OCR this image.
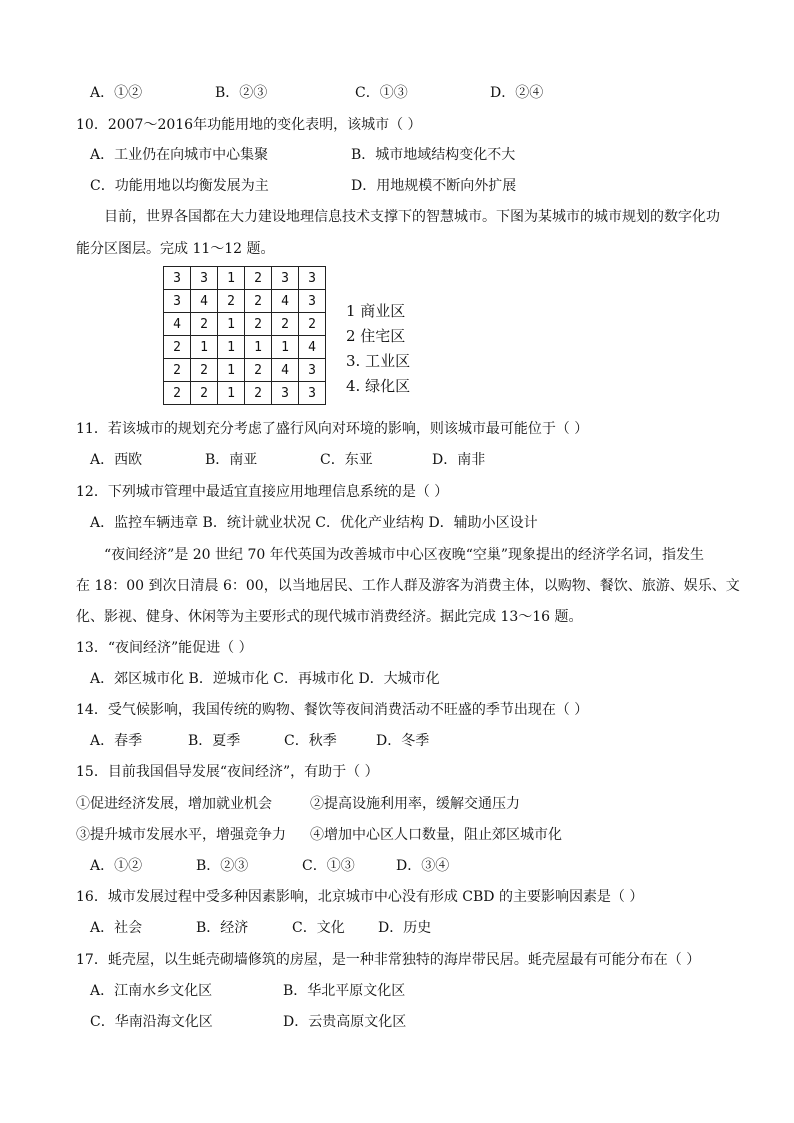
A．①②	B．②③	C．①③	D．②④
10．2007～2016年功能用地的变化表明，该城市（ ）
A．工业仍在向城市中心集聚	B．城市地域结构变化不大
C．功能用地以均衡发展为主	D．用地规模不断向外扩展
目前，世界各国都在大力建设地理信息技术支撑下的智慧城市。下图为某城市的城市规划的数字化功
能分区图层。完成 11～12 题。
3	3	1	2	3	3
3	4	2	2	4	3
4	2	1	2	2	2
2	1	1	1	1	4
2	2	1	2	4	3
2	2	1	2	3	3
1 商业区
2 住宅区
3. 工业区
4. 绿化区
11．若该城市的规划充分考虑了盛行风向对环境的影响，则该城市最可能位于（ ）
A．西欧	B．南亚	C．东亚	D．南非
12．下列城市管理中最适宜直接应用地理信息系统的是（ ）
A．监控车辆违章 B．统计就业状况 C．优化产业结构 D．辅助小区设计
“夜间经济”是 20 世纪 70 年代英国为改善城市中心区夜晚“空巢”现象提出的经济学名词，指发生
在 18：00 到次日清晨 6：00，以当地居民、工作人群及游客为消费主体，以购物、餐饮、旅游、娱乐、文
化、影视、健身、休闲等为主要形式的现代城市消费经济。据此完成 13～16 题。
13．“夜间经济”能促进（ ）
A．郊区城市化 B．逆城市化 C．再城市化 D．大城市化
14．受气候影响，我国传统的购物、餐饮等夜间消费活动不旺盛的季节出现在（ ）
A．春季	B．夏季	C．秋季	D．冬季
15．目前我国倡导发展“夜间经济”，有助于（ ）
①促进经济发展，增加就业机会	②提高设施利用率，缓解交通压力
③提升城市发展水平，增强竞争力 ④增加中心区人口数量，阻止郊区城市化
A．①②	B．②③	C．①③	D．③④
16．城市发展过程中受多种因素影响，北京城市中心没有形成 CBD 的主要影响因素是（ ）
A．社会	B．经济	C．文化 D．历史
17．蚝壳屋，以生蚝壳砌墙修筑的房屋，是一种非常独特的海岸带民居。蚝壳屋最有可能分布在（ ）
A．江南水乡文化区	B．华北平原文化区
C．华南沿海文化区	D．云贵高原文化区
